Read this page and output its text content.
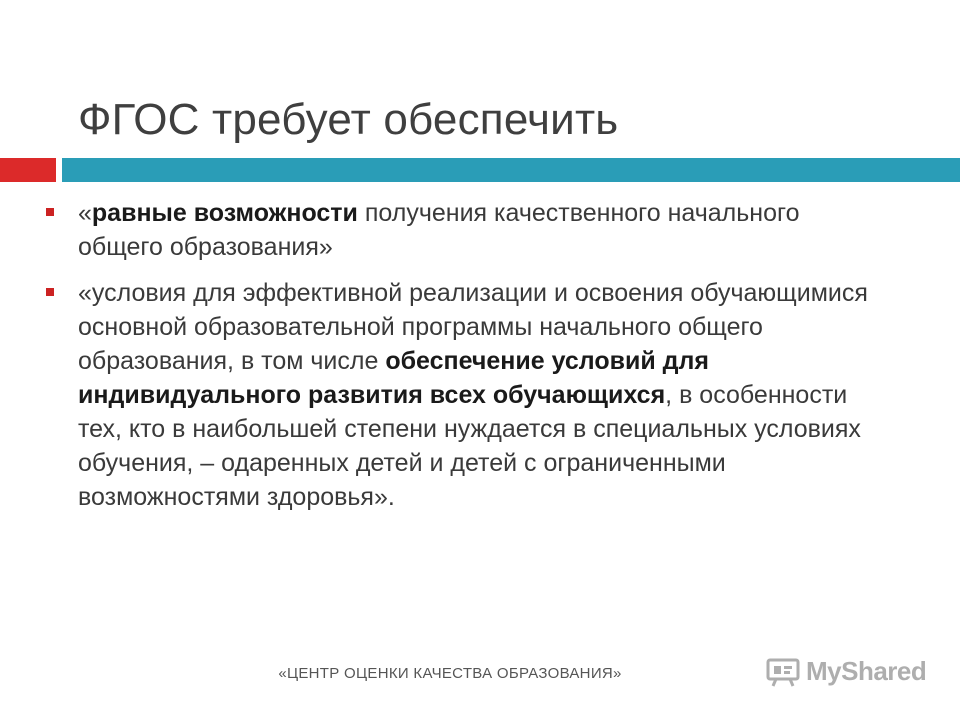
ФГОС требует обеспечить
«равные возможности получения качественного начального общего образования»
«условия для эффективной реализации и освоения обучающимися основной образовательной программы начального общего образования, в том числе обеспечение условий для индивидуального развития всех обучающихся, в особенности тех, кто в наибольшей степени нуждается в специальных условиях обучения, – одаренных детей и детей с ограниченными возможностями здоровья».
«ЦЕНТР ОЦЕНКИ КАЧЕСТВА ОБРАЗОВАНИЯ»	MyShared
